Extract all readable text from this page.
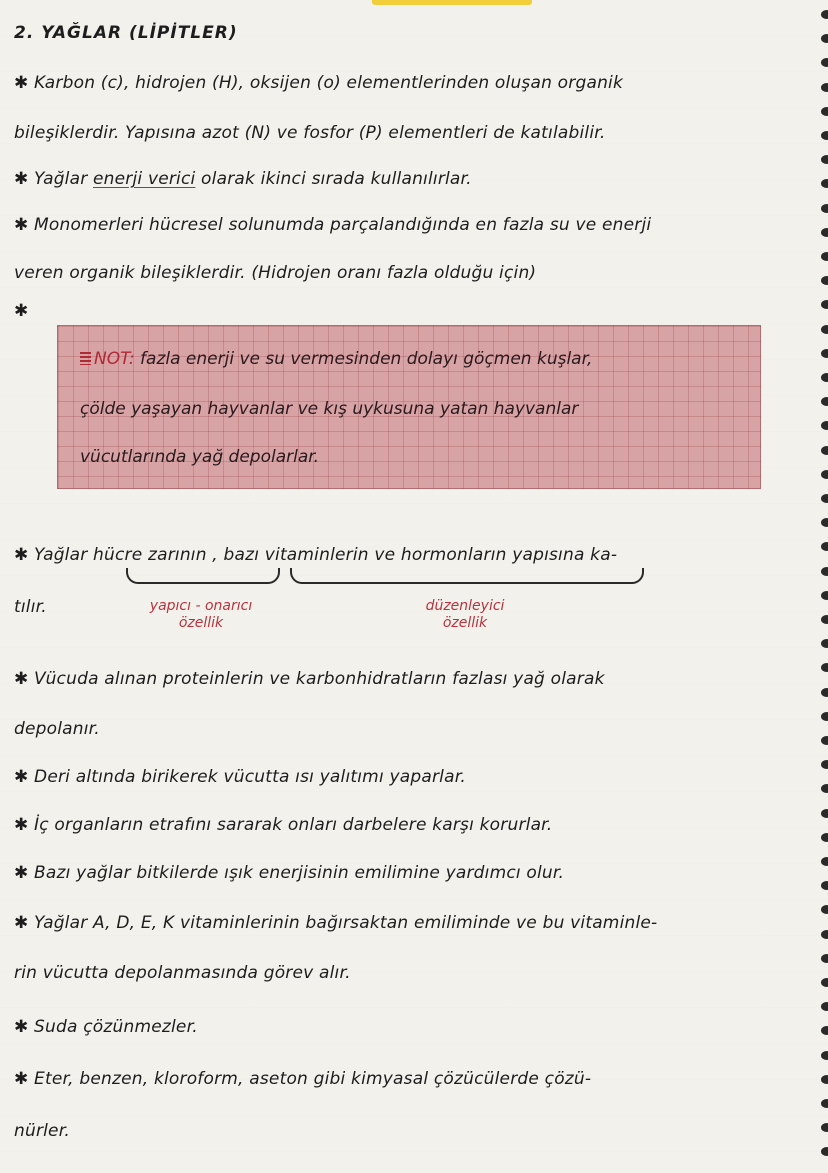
2. YAĞLAR (LİPİTLER)
✱ Karbon (c), hidrojen (H), oksijen (o) elementlerinden oluşan organik
bileşiklerdir. Yapısına azot (N) ve fosfor (P) elementleri de katılabilir.
✱ Yağlar enerji verici olarak ikinci sırada kullanılırlar.
✱ Monomerleri hücresel solunumda parçalandığında en fazla su ve enerji
veren organik bileşiklerdir. (Hidrojen oranı fazla olduğu için)
✱
NOT: fazla enerji ve su vermesinden dolayı göçmen kuşlar,
çölde yaşayan hayvanlar ve kış uykusuna yatan hayvanlar
vücutlarında yağ depolarlar.
✱ Yağlar hücre zarının , bazı vitaminlerin ve hormonların yapısına ka-
tılır.	yapıcı - onarıcı
özellik
düzenleyici
özellik
✱ Vücuda alınan proteinlerin ve karbonhidratların fazlası yağ olarak
depolanır.
✱ Deri altında birikerek vücutta ısı yalıtımı yaparlar.
✱ İç organların etrafını sararak onları darbelere karşı korurlar.
✱ Bazı yağlar bitkilerde ışık enerjisinin emilimine yardımcı olur.
✱ Yağlar A, D, E, K vitaminlerinin bağırsaktan emiliminde ve bu vitaminle-
rin vücutta depolanmasında görev alır.
✱ Suda çözünmezler.
✱ Eter, benzen, kloroform, aseton gibi kimyasal çözücülerde çözü-
nürler.
